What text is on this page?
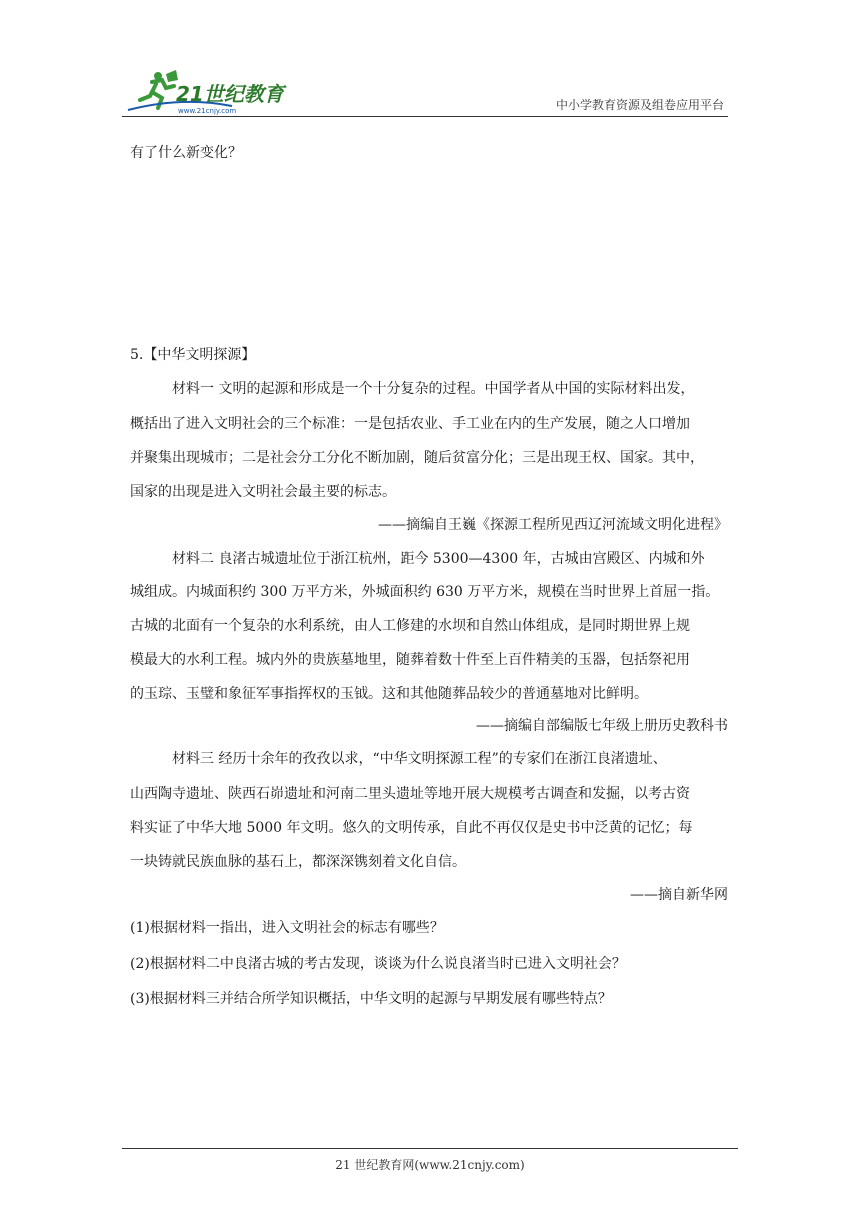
21世纪教育
www.21cnjy.com	中小学教育资源及组卷应用平台
有了什么新变化？
5.【中华文明探源】
材料一 文明的起源和形成是一个十分复杂的过程。中国学者从中国的实际材料出发，
概括出了进入文明社会的三个标准：一是包括农业、手工业在内的生产发展，随之人口增加
并聚集出现城市；二是社会分工分化不断加剧，随后贫富分化；三是出现王权、国家。其中，
国家的出现是进入文明社会最主要的标志。
——摘编自王巍《探源工程所见西辽河流域文明化进程》
材料二 良渚古城遗址位于浙江杭州，距今 5300—4300 年，古城由宫殿区、内城和外
城组成。内城面积约 300 万平方米，外城面积约 630 万平方米，规模在当时世界上首屈一指。
古城的北面有一个复杂的水利系统，由人工修建的水坝和自然山体组成，是同时期世界上规
模最大的水利工程。城内外的贵族墓地里，随葬着数十件至上百件精美的玉器，包括祭祀用
的玉琮、玉璧和象征军事指挥权的玉钺。这和其他随葬品较少的普通墓地对比鲜明。
——摘编自部编版七年级上册历史教科书
材料三 经历十余年的孜孜以求，“中华文明探源工程”的专家们在浙江良渚遗址、
山西陶寺遗址、陕西石峁遗址和河南二里头遗址等地开展大规模考古调查和发掘，以考古资
料实证了中华大地 5000 年文明。悠久的文明传承，自此不再仅仅是史书中泛黄的记忆；每
一块铸就民族血脉的基石上，都深深镌刻着文化自信。
——摘自新华网
(1)根据材料一指出，进入文明社会的标志有哪些？
(2)根据材料二中良渚古城的考古发现，谈谈为什么说良渚当时已进入文明社会？
(3)根据材料三并结合所学知识概括，中华文明的起源与早期发展有哪些特点？
21 世纪教育网(www.21cnjy.com)
